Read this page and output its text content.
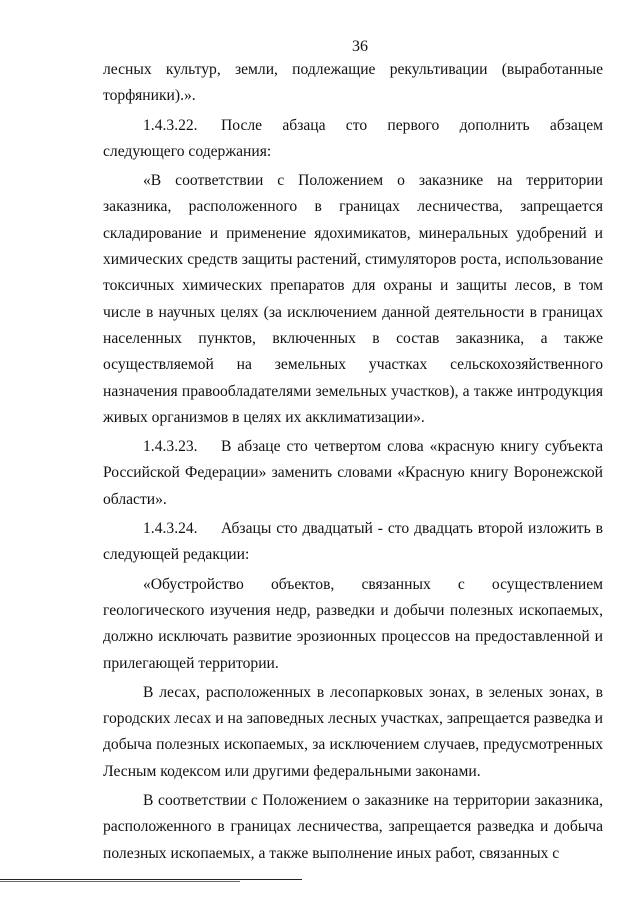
36

лесных культур, земли, подлежащие рекультивации (выработанные торфяники).».

1.4.3.22. После абзаца сто первого дополнить абзацем следующего содержания:

«В соответствии с Положением о заказнике на территории заказника, расположенного в границах лесничества, запрещается складирование и применение ядохимикатов, минеральных удобрений и химических средств защиты растений, стимуляторов роста, использование токсичных химических препаратов для охраны и защиты лесов, в том числе в научных целях (за исключением данной деятельности в границах населенных пунктов, включенных в состав заказника, а также осуществляемой на земельных участках сельскохозяйственного назначения правообладателями земельных участков), а также интродукция живых организмов в целях их акклиматизации».

1.4.3.23. В абзаце сто четвертом слова «красную книгу субъекта Российской Федерации» заменить словами «Красную книгу Воронежской области».

1.4.3.24. Абзацы сто двадцатый - сто двадцать второй изложить в следующей редакции:

«Обустройство объектов, связанных с осуществлением геологического изучения недр, разведки и добычи полезных ископаемых, должно исключать развитие эрозионных процессов на предоставленной и прилегающей территории.

В лесах, расположенных в лесопарковых зонах, в зеленых зонах, в городских лесах и на заповедных лесных участках, запрещается разведка и добыча полезных ископаемых, за исключением случаев, предусмотренных Лесным кодексом или другими федеральными законами.

В соответствии с Положением о заказнике на территории заказника, расположенного в границах лесничества, запрещается разведка и добыча полезных ископаемых, а также выполнение иных работ, связанных с
